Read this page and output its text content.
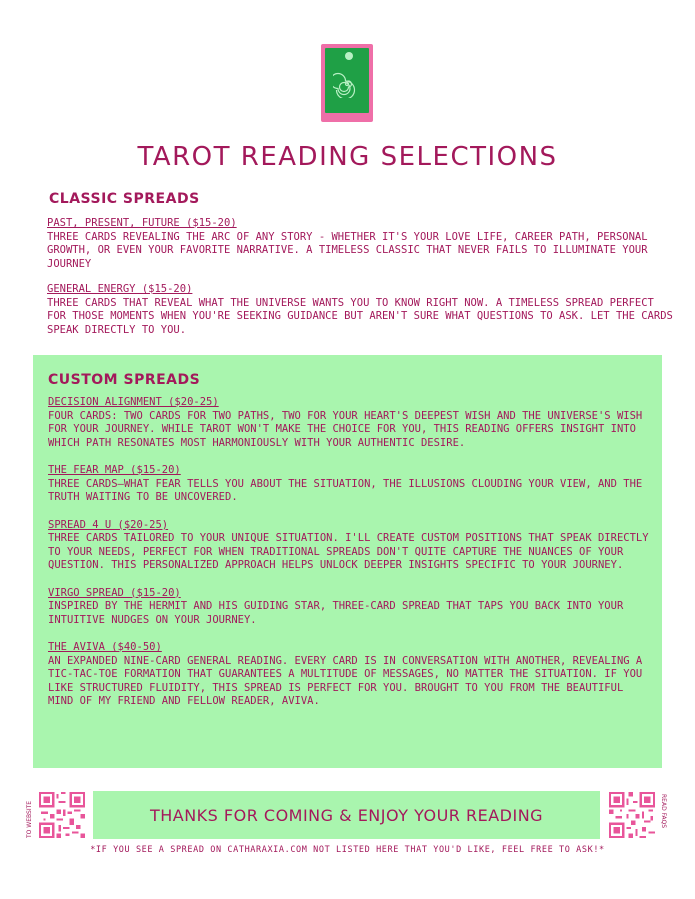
TAROT READING SELECTIONS
CLASSIC SPREADS
PAST, PRESENT, FUTURE ($15-20)
THREE CARDS REVEALING THE ARC OF ANY STORY - WHETHER IT'S YOUR LOVE LIFE, CAREER PATH, PERSONAL GROWTH, OR EVEN YOUR FAVORITE NARRATIVE. A TIMELESS CLASSIC THAT NEVER FAILS TO ILLUMINATE YOUR JOURNEY
GENERAL ENERGY ($15-20)
THREE CARDS THAT REVEAL WHAT THE UNIVERSE WANTS YOU TO KNOW RIGHT NOW. A TIMELESS SPREAD PERFECT FOR THOSE MOMENTS WHEN YOU'RE SEEKING GUIDANCE BUT AREN'T SURE WHAT QUESTIONS TO ASK. LET THE CARDS SPEAK DIRECTLY TO YOU.
CUSTOM SPREADS
DECISION ALIGNMENT ($20-25)
FOUR CARDS: TWO CARDS FOR TWO PATHS, TWO FOR YOUR HEART'S DEEPEST WISH AND THE UNIVERSE'S WISH FOR YOUR JOURNEY. WHILE TAROT WON'T MAKE THE CHOICE FOR YOU, THIS READING OFFERS INSIGHT INTO WHICH PATH RESONATES MOST HARMONIOUSLY WITH YOUR AUTHENTIC DESIRE.
THE FEAR MAP ($15-20)
THREE CARDS—WHAT FEAR TELLS YOU ABOUT THE SITUATION, THE ILLUSIONS CLOUDING YOUR VIEW, AND THE TRUTH WAITING TO BE UNCOVERED.
SPREAD 4 U ($20-25)
THREE CARDS TAILORED TO YOUR UNIQUE SITUATION. I'LL CREATE CUSTOM POSITIONS THAT SPEAK DIRECTLY TO YOUR NEEDS, PERFECT FOR WHEN TRADITIONAL SPREADS DON'T QUITE CAPTURE THE NUANCES OF YOUR QUESTION. THIS PERSONALIZED APPROACH HELPS UNLOCK DEEPER INSIGHTS SPECIFIC TO YOUR JOURNEY.
VIRGO SPREAD ($15-20)
INSPIRED BY THE HERMIT AND HIS GUIDING STAR, THREE-CARD SPREAD THAT TAPS YOU BACK INTO YOUR INTUITIVE NUDGES ON YOUR JOURNEY.
THE AVIVA ($40-50)
AN EXPANDED NINE-CARD GENERAL READING. EVERY CARD IS IN CONVERSATION WITH ANOTHER, REVEALING A TIC-TAC-TOE FORMATION THAT GUARANTEES A MULTITUDE OF MESSAGES, NO MATTER THE SITUATION. IF YOU LIKE STRUCTURED FLUIDITY, THIS SPREAD IS PERFECT FOR YOU. BROUGHT TO YOU FROM THE BEAUTIFUL MIND OF MY FRIEND AND FELLOW READER, AVIVA.
TO WEBSITE	THANKS FOR COMING & ENJOY YOUR READING	READ FAQS
*IF YOU SEE A SPREAD ON CATHARAXIA.COM NOT LISTED HERE THAT YOU'D LIKE, FEEL FREE TO ASK!*
